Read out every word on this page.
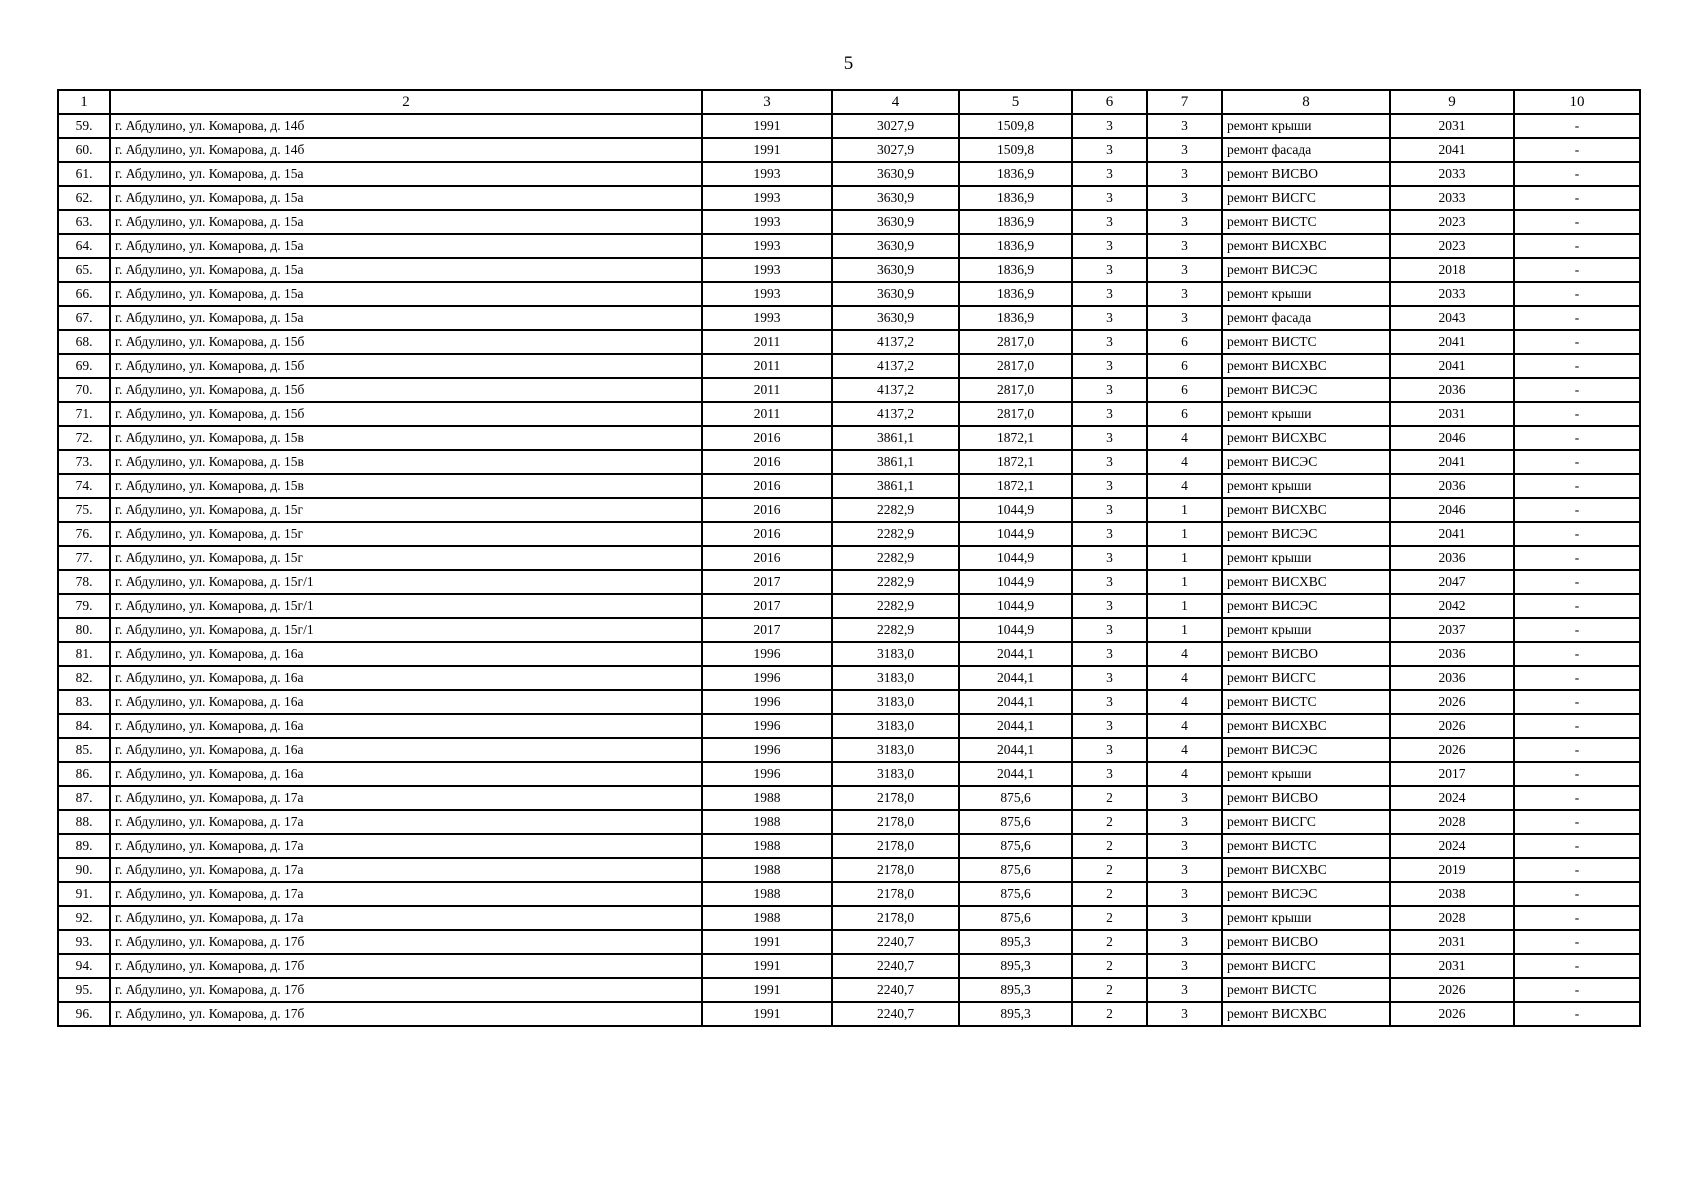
5
1	2	3	4	5	6	7	8	9	10
59.	г. Абдулино, ул. Комарова, д. 14б	1991	3027,9	1509,8	3	3	ремонт крыши	2031	-
60.	г. Абдулино, ул. Комарова, д. 14б	1991	3027,9	1509,8	3	3	ремонт фасада	2041	-
61.	г. Абдулино, ул. Комарова, д. 15а	1993	3630,9	1836,9	3	3	ремонт ВИСВО	2033	-
62.	г. Абдулино, ул. Комарова, д. 15а	1993	3630,9	1836,9	3	3	ремонт ВИСГС	2033	-
63.	г. Абдулино, ул. Комарова, д. 15а	1993	3630,9	1836,9	3	3	ремонт ВИСТС	2023	-
64.	г. Абдулино, ул. Комарова, д. 15а	1993	3630,9	1836,9	3	3	ремонт ВИСХВС	2023	-
65.	г. Абдулино, ул. Комарова, д. 15а	1993	3630,9	1836,9	3	3	ремонт ВИСЭС	2018	-
66.	г. Абдулино, ул. Комарова, д. 15а	1993	3630,9	1836,9	3	3	ремонт крыши	2033	-
67.	г. Абдулино, ул. Комарова, д. 15а	1993	3630,9	1836,9	3	3	ремонт фасада	2043	-
68.	г. Абдулино, ул. Комарова, д. 15б	2011	4137,2	2817,0	3	6	ремонт ВИСТС	2041	-
69.	г. Абдулино, ул. Комарова, д. 15б	2011	4137,2	2817,0	3	6	ремонт ВИСХВС	2041	-
70.	г. Абдулино, ул. Комарова, д. 15б	2011	4137,2	2817,0	3	6	ремонт ВИСЭС	2036	-
71.	г. Абдулино, ул. Комарова, д. 15б	2011	4137,2	2817,0	3	6	ремонт крыши	2031	-
72.	г. Абдулино, ул. Комарова, д. 15в	2016	3861,1	1872,1	3	4	ремонт ВИСХВС	2046	-
73.	г. Абдулино, ул. Комарова, д. 15в	2016	3861,1	1872,1	3	4	ремонт ВИСЭС	2041	-
74.	г. Абдулино, ул. Комарова, д. 15в	2016	3861,1	1872,1	3	4	ремонт крыши	2036	-
75.	г. Абдулино, ул. Комарова, д. 15г	2016	2282,9	1044,9	3	1	ремонт ВИСХВС	2046	-
76.	г. Абдулино, ул. Комарова, д. 15г	2016	2282,9	1044,9	3	1	ремонт ВИСЭС	2041	-
77.	г. Абдулино, ул. Комарова, д. 15г	2016	2282,9	1044,9	3	1	ремонт крыши	2036	-
78.	г. Абдулино, ул. Комарова, д. 15г/1	2017	2282,9	1044,9	3	1	ремонт ВИСХВС	2047	-
79.	г. Абдулино, ул. Комарова, д. 15г/1	2017	2282,9	1044,9	3	1	ремонт ВИСЭС	2042	-
80.	г. Абдулино, ул. Комарова, д. 15г/1	2017	2282,9	1044,9	3	1	ремонт крыши	2037	-
81.	г. Абдулино, ул. Комарова, д. 16а	1996	3183,0	2044,1	3	4	ремонт ВИСВО	2036	-
82.	г. Абдулино, ул. Комарова, д. 16а	1996	3183,0	2044,1	3	4	ремонт ВИСГС	2036	-
83.	г. Абдулино, ул. Комарова, д. 16а	1996	3183,0	2044,1	3	4	ремонт ВИСТС	2026	-
84.	г. Абдулино, ул. Комарова, д. 16а	1996	3183,0	2044,1	3	4	ремонт ВИСХВС	2026	-
85.	г. Абдулино, ул. Комарова, д. 16а	1996	3183,0	2044,1	3	4	ремонт ВИСЭС	2026	-
86.	г. Абдулино, ул. Комарова, д. 16а	1996	3183,0	2044,1	3	4	ремонт крыши	2017	-
87.	г. Абдулино, ул. Комарова, д. 17а	1988	2178,0	875,6	2	3	ремонт ВИСВО	2024	-
88.	г. Абдулино, ул. Комарова, д. 17а	1988	2178,0	875,6	2	3	ремонт ВИСГС	2028	-
89.	г. Абдулино, ул. Комарова, д. 17а	1988	2178,0	875,6	2	3	ремонт ВИСТС	2024	-
90.	г. Абдулино, ул. Комарова, д. 17а	1988	2178,0	875,6	2	3	ремонт ВИСХВС	2019	-
91.	г. Абдулино, ул. Комарова, д. 17а	1988	2178,0	875,6	2	3	ремонт ВИСЭС	2038	-
92.	г. Абдулино, ул. Комарова, д. 17а	1988	2178,0	875,6	2	3	ремонт крыши	2028	-
93.	г. Абдулино, ул. Комарова, д. 17б	1991	2240,7	895,3	2	3	ремонт ВИСВО	2031	-
94.	г. Абдулино, ул. Комарова, д. 17б	1991	2240,7	895,3	2	3	ремонт ВИСГС	2031	-
95.	г. Абдулино, ул. Комарова, д. 17б	1991	2240,7	895,3	2	3	ремонт ВИСТС	2026	-
96.	г. Абдулино, ул. Комарова, д. 17б	1991	2240,7	895,3	2	3	ремонт ВИСХВС	2026	-
